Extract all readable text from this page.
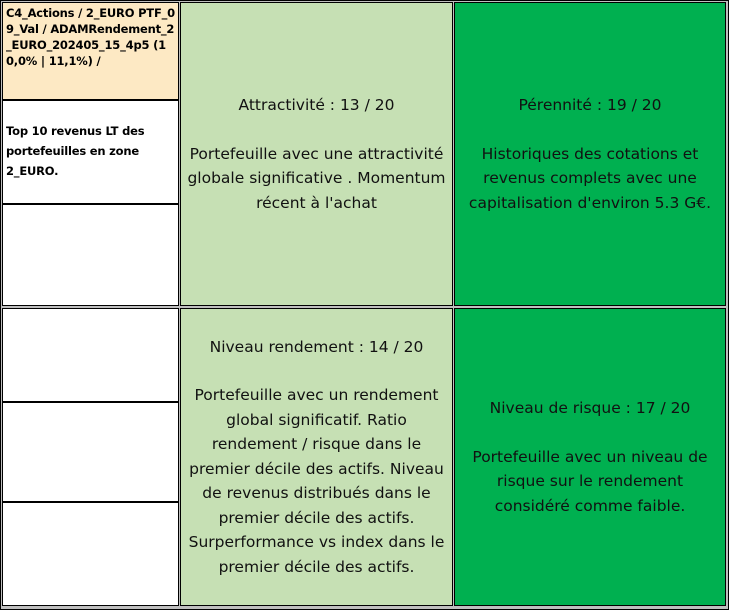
C4_Actions / 2_EURO PTF_09_Val / ADAMRendement_2_EURO_202405_15_4p5 (10,0% | 11,1%) /
Top 10 revenus LT des portefeuilles en zone 2_EURO.
Attractivité : 13 / 20
Portefeuille avec une attractivité globale significative . Momentum récent à l'achat
Pérennité : 19 / 20
Historiques des cotations et revenus complets avec une capitalisation d'environ 5.3 G€.
Niveau rendement : 14 / 20
Portefeuille avec un rendement global significatif. Ratio rendement / risque dans le premier décile des actifs. Niveau de revenus distribués dans le premier décile des actifs. Surperformance vs index dans le premier décile des actifs.
Niveau de risque : 17 / 20
Portefeuille avec un niveau de risque sur le rendement considéré comme faible.
